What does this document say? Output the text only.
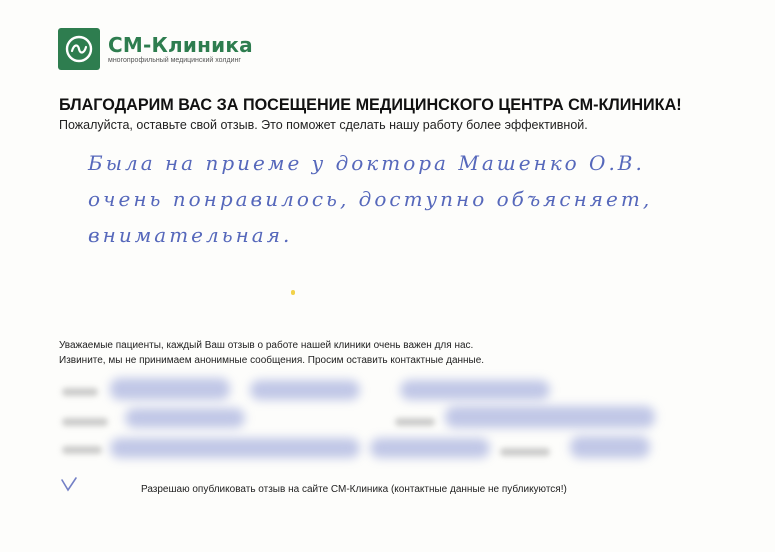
СМ-Клиника
многопрофильный медицинский холдинг
БЛАГОДАРИМ ВАС ЗА ПОСЕЩЕНИЕ МЕДИЦИНСКОГО ЦЕНТРА СМ-КЛИНИКА!
Пожалуйста, оставьте свой отзыв. Это поможет сделать нашу работу более эффективной.
Была на приеме у доктора Машенко О.В.
очень понравилось, доступно объясняет,
внимательная.
Уважаемые пациенты, каждый Ваш отзыв о работе нашей клиники очень важен для нас.
Извините, мы не принимаем анонимные сообщения. Просим оставить контактные данные.
Разрешаю опубликовать отзыв на сайте СМ-Клиника (контактные данные не публикуются!)
